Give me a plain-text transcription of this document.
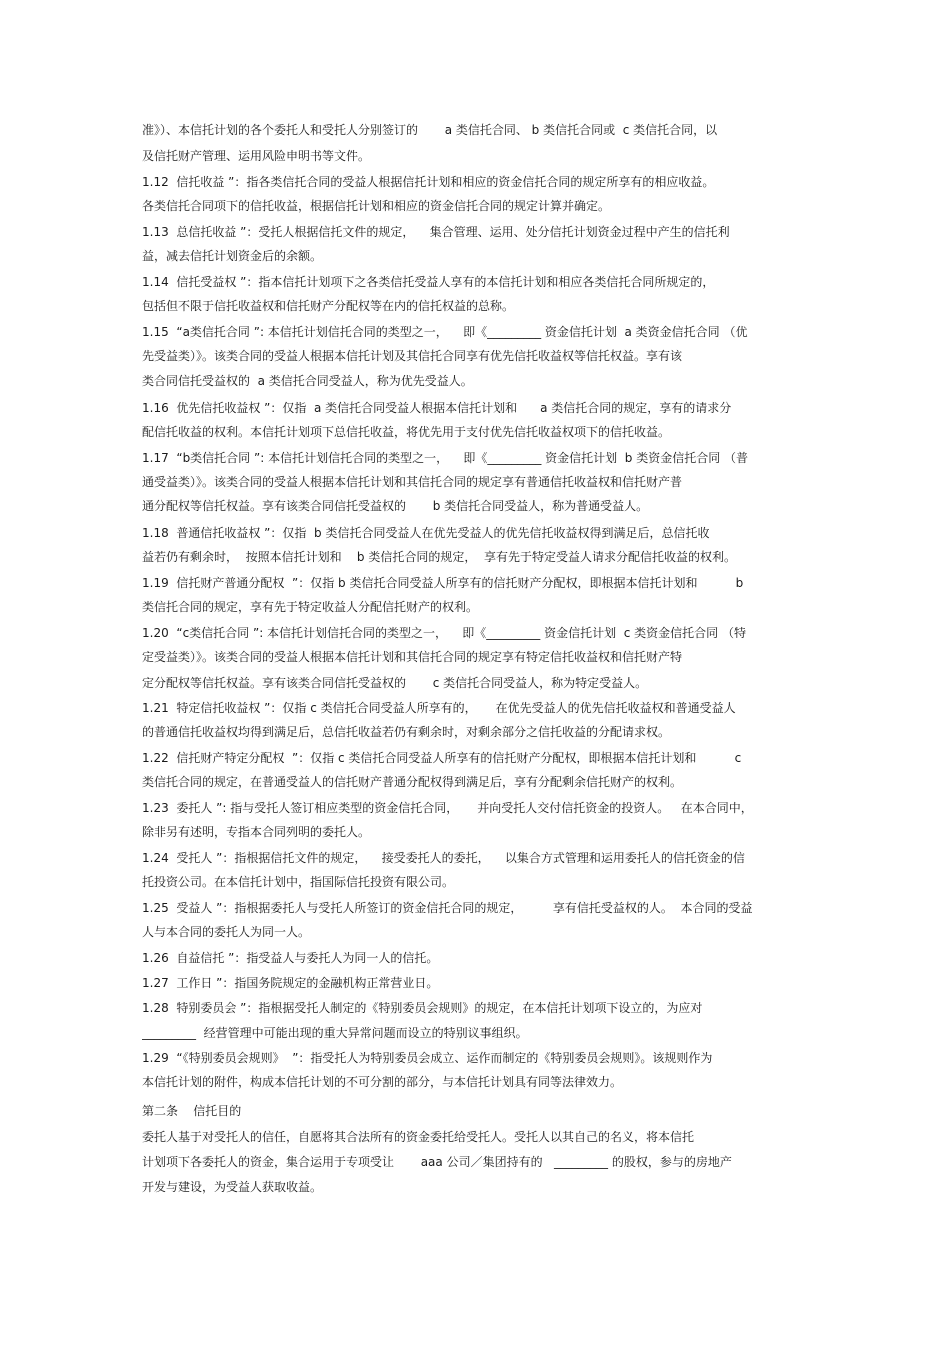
准》）、本信托计划的各个委托人和受托人分别签订的       a 类信托合同、 b 类信托合同或  c 类信托合同，以
及信托财产管理、运用风险申明书等文件。
1.12  信托收益 ”：指各类信托合同的受益人根据信托计划和相应的资金信托合同的规定所享有的相应收益。
各类信托合同项下的信托收益，根据信托计划和相应的资金信托合同的规定计算并确定。
1.13  总信托收益 ”：受托人根据信托文件的规定，    集合管理、运用、处分信托计划资金过程中产生的信托利
益，减去信托计划资金后的余额。
1.14  信托受益权 ”：指本信托计划项下之各类信托受益人享有的本信托计划和相应各类信托合同所规定的，
包括但不限于信托收益权和信托财产分配权等在内的信托权益的总称。
1.15  “a类信托合同 ”: 本信托计划信托合同的类型之一，    即《_________ 资金信托计划  a 类资金信托合同 （优
先受益类）》。该类合同的受益人根据本信托计划及其信托合同享有优先信托收益权等信托权益。享有该
类合同信托受益权的  a 类信托合同受益人，称为优先受益人。
1.16  优先信托收益权 ”：仅指  a 类信托合同受益人根据本信托计划和      a 类信托合同的规定，享有的请求分
配信托收益的权利。本信托计划项下总信托收益，将优先用于支付优先信托收益权项下的信托收益。
1.17  “b类信托合同 ”: 本信托计划信托合同的类型之一，    即《_________ 资金信托计划  b 类资金信托合同 （普
通受益类）》。该类合同的受益人根据本信托计划和其信托合同的规定享有普通信托收益权和信托财产普
通分配权等信托权益。享有该类合同信托受益权的       b 类信托合同受益人，称为普通受益人。
1.18  普通信托收益权 ”：仅指  b 类信托合同受益人在优先受益人的优先信托收益权得到满足后，总信托收
益若仍有剩余时，  按照本信托计划和    b 类信托合同的规定，  享有先于特定受益人请求分配信托收益的权利。
1.19  信托财产普通分配权  ”：仅指 b 类信托合同受益人所享有的信托财产分配权，即根据本信托计划和          b
类信托合同的规定，享有先于特定收益人分配信托财产的权利。
1.20  “c类信托合同 ”: 本信托计划信托合同的类型之一，    即《_________ 资金信托计划  c 类资金信托合同 （特
定受益类）》。该类合同的受益人根据本信托计划和其信托合同的规定享有特定信托收益权和信托财产特
定分配权等信托权益。享有该类合同信托受益权的       c 类信托合同受益人，称为特定受益人。
1.21  特定信托收益权 ”：仅指 c 类信托合同受益人所享有的，     在优先受益人的优先信托收益权和普通受益人
的普通信托收益权均得到满足后，总信托收益若仍有剩余时，对剩余部分之信托收益的分配请求权。
1.22  信托财产特定分配权  ”：仅指 c 类信托合同受益人所享有的信托财产分配权，即根据本信托计划和          c
类信托合同的规定，在普通受益人的信托财产普通分配权得到满足后，享有分配剩余信托财产的权利。
1.23  委托人 ”: 指与受托人签订相应类型的资金信托合同，     并向受托人交付信托资金的投资人。   在本合同中，
除非另有述明，专指本合同列明的委托人。
1.24  受托人 ”：指根据信托文件的规定，    接受委托人的委托，    以集合方式管理和运用委托人的信托资金的信
托投资公司。在本信托计划中，指国际信托投资有限公司。
1.25  受益人 ”：指根据委托人与受托人所签订的资金信托合同的规定，        享有信托受益权的人。  本合同的受益
人与本合同的委托人为同一人。
1.26  自益信托 ”：指受益人与委托人为同一人的信托。
1.27  工作日 ”：指国务院规定的金融机构正常营业日。
1.28  特别委员会 ”：指根据受托人制定的《特别委员会规则》的规定，在本信托计划项下设立的，为应对
_________  经营管理中可能出现的重大异常问题而设立的特别议事组织。
1.29  “《特别委员会规则》  ”：指受托人为特别委员会成立、运作而制定的《特别委员会规则》。该规则作为
本信托计划的附件，构成本信托计划的不可分割的部分，与本信托计划具有同等法律效力。
第二条    信托目的
委托人基于对受托人的信任，自愿将其合法所有的资金委托给受托人。受托人以其自己的名义，将本信托
计划项下各委托人的资金，集合运用于专项受让       aaa 公司／集团持有的   _________ 的股权，参与的房地产
开发与建设，为受益人获取收益。
